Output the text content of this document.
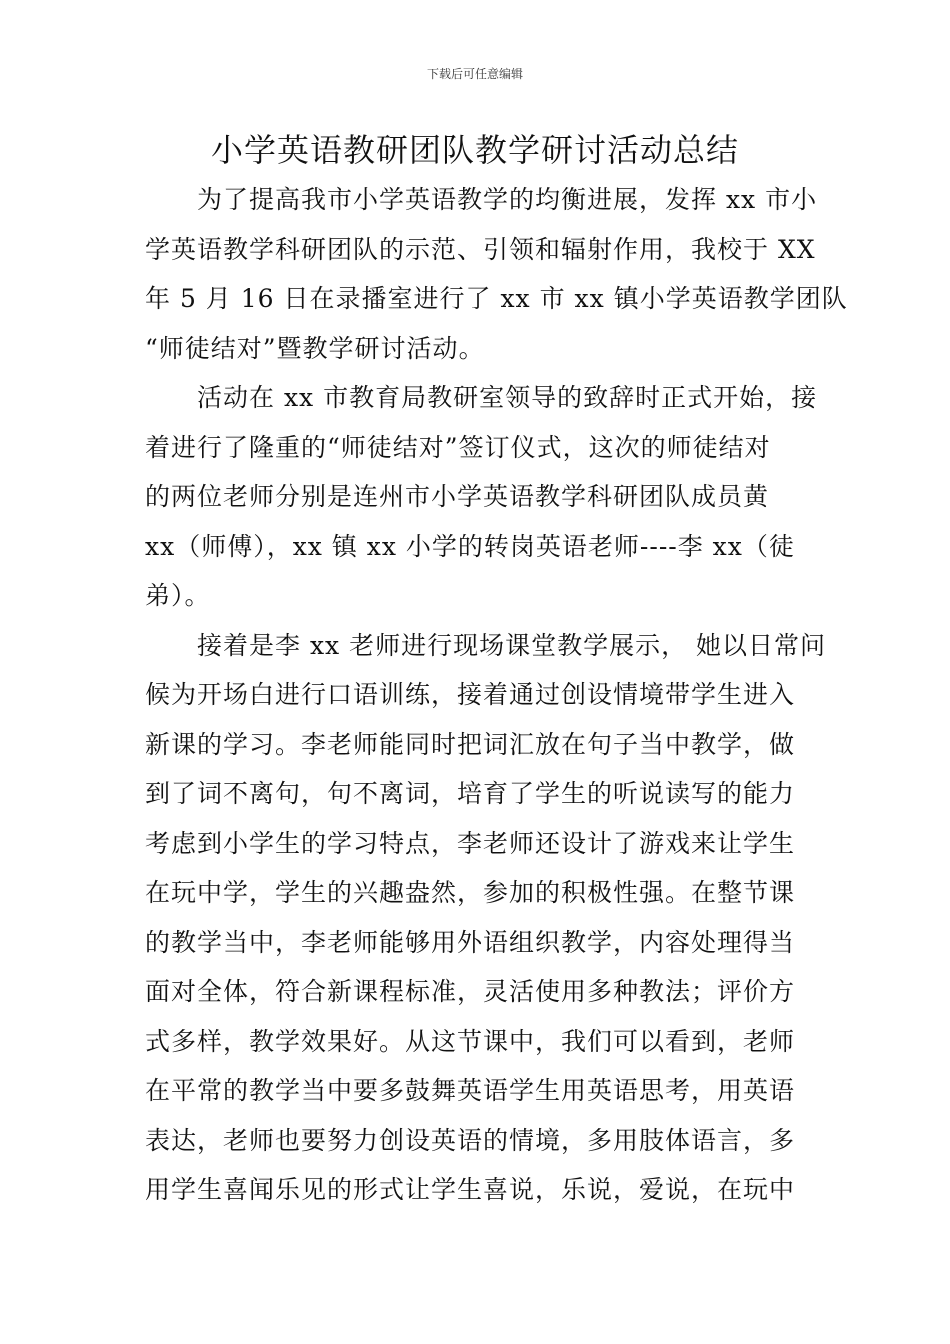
下载后可任意编辑
小学英语教研团队教学研讨活动总结
为了提高我市小学英语教学的均衡进展，发挥 xx 市小
学英语教学科研团队的示范、引领和辐射作用，我校于 XX
年 5 月 16 日在录播室进行了 xx 市 xx 镇小学英语教学团队
“师徒结对”暨教学研讨活动。
活动在 xx 市教育局教研室领导的致辞时正式开始，接
着进行了隆重的“师徒结对”签订仪式，这次的师徒结对
的两位老师分别是连州市小学英语教学科研团队成员黄
xx（师傅），xx 镇 xx 小学的转岗英语老师----李 xx（徒
弟）。
接着是李 xx 老师进行现场课堂教学展示， 她以日常问
候为开场白进行口语训练，接着通过创设情境带学生进入
新课的学习。李老师能同时把词汇放在句子当中教学，做
到了词不离句，句不离词，培育了学生的听说读写的能力
考虑到小学生的学习特点，李老师还设计了游戏来让学生
在玩中学，学生的兴趣盎然，参加的积极性强。在整节课
的教学当中，李老师能够用外语组织教学，内容处理得当
面对全体，符合新课程标准，灵活使用多种教法；评价方
式多样，教学效果好。从这节课中，我们可以看到，老师
在平常的教学当中要多鼓舞英语学生用英语思考，用英语
表达，老师也要努力创设英语的情境，多用肢体语言，多
用学生喜闻乐见的形式让学生喜说，乐说，爱说，在玩中
